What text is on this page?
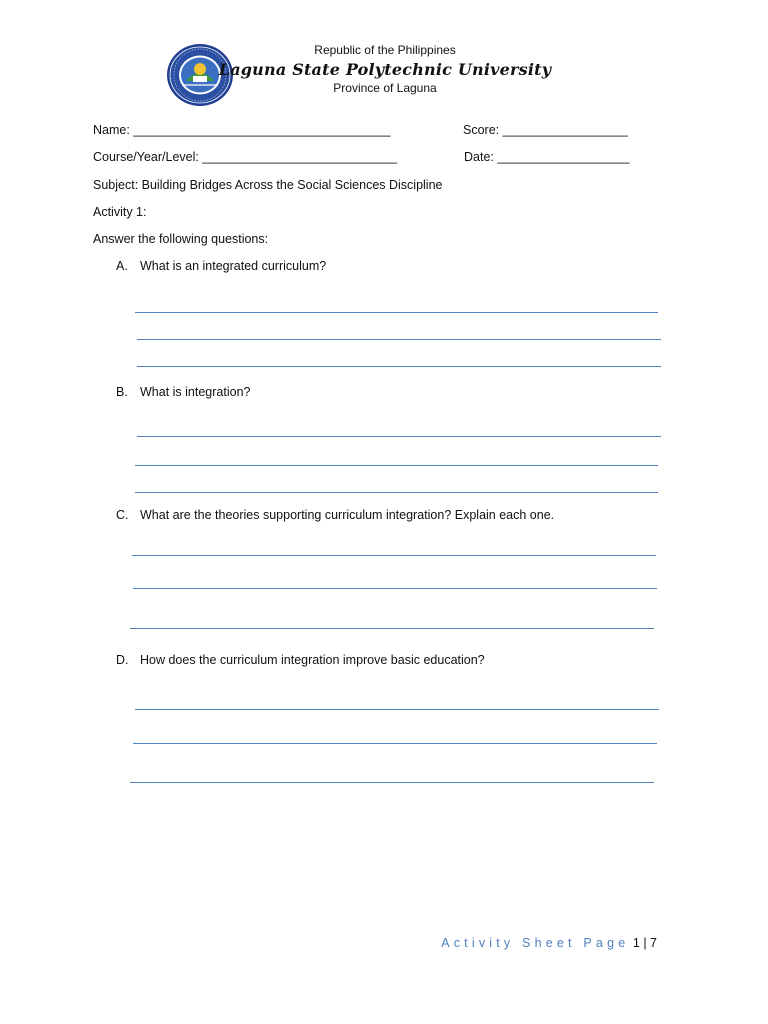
Republic of the Philippines
Laguna State Polytechnic University
Province of Laguna
Name: _____________________________________	Score: __________________
Course/Year/Level: ____________________________	Date: ___________________
Subject: Building Bridges Across the Social Sciences Discipline
Activity 1:
Answer the following questions:
A. What is an integrated curriculum?
B. What is integration?
C. What are the theories supporting curriculum integration? Explain each one.
D. How does the curriculum integration improve basic education?
Activity Sheet Page 1 | 7
